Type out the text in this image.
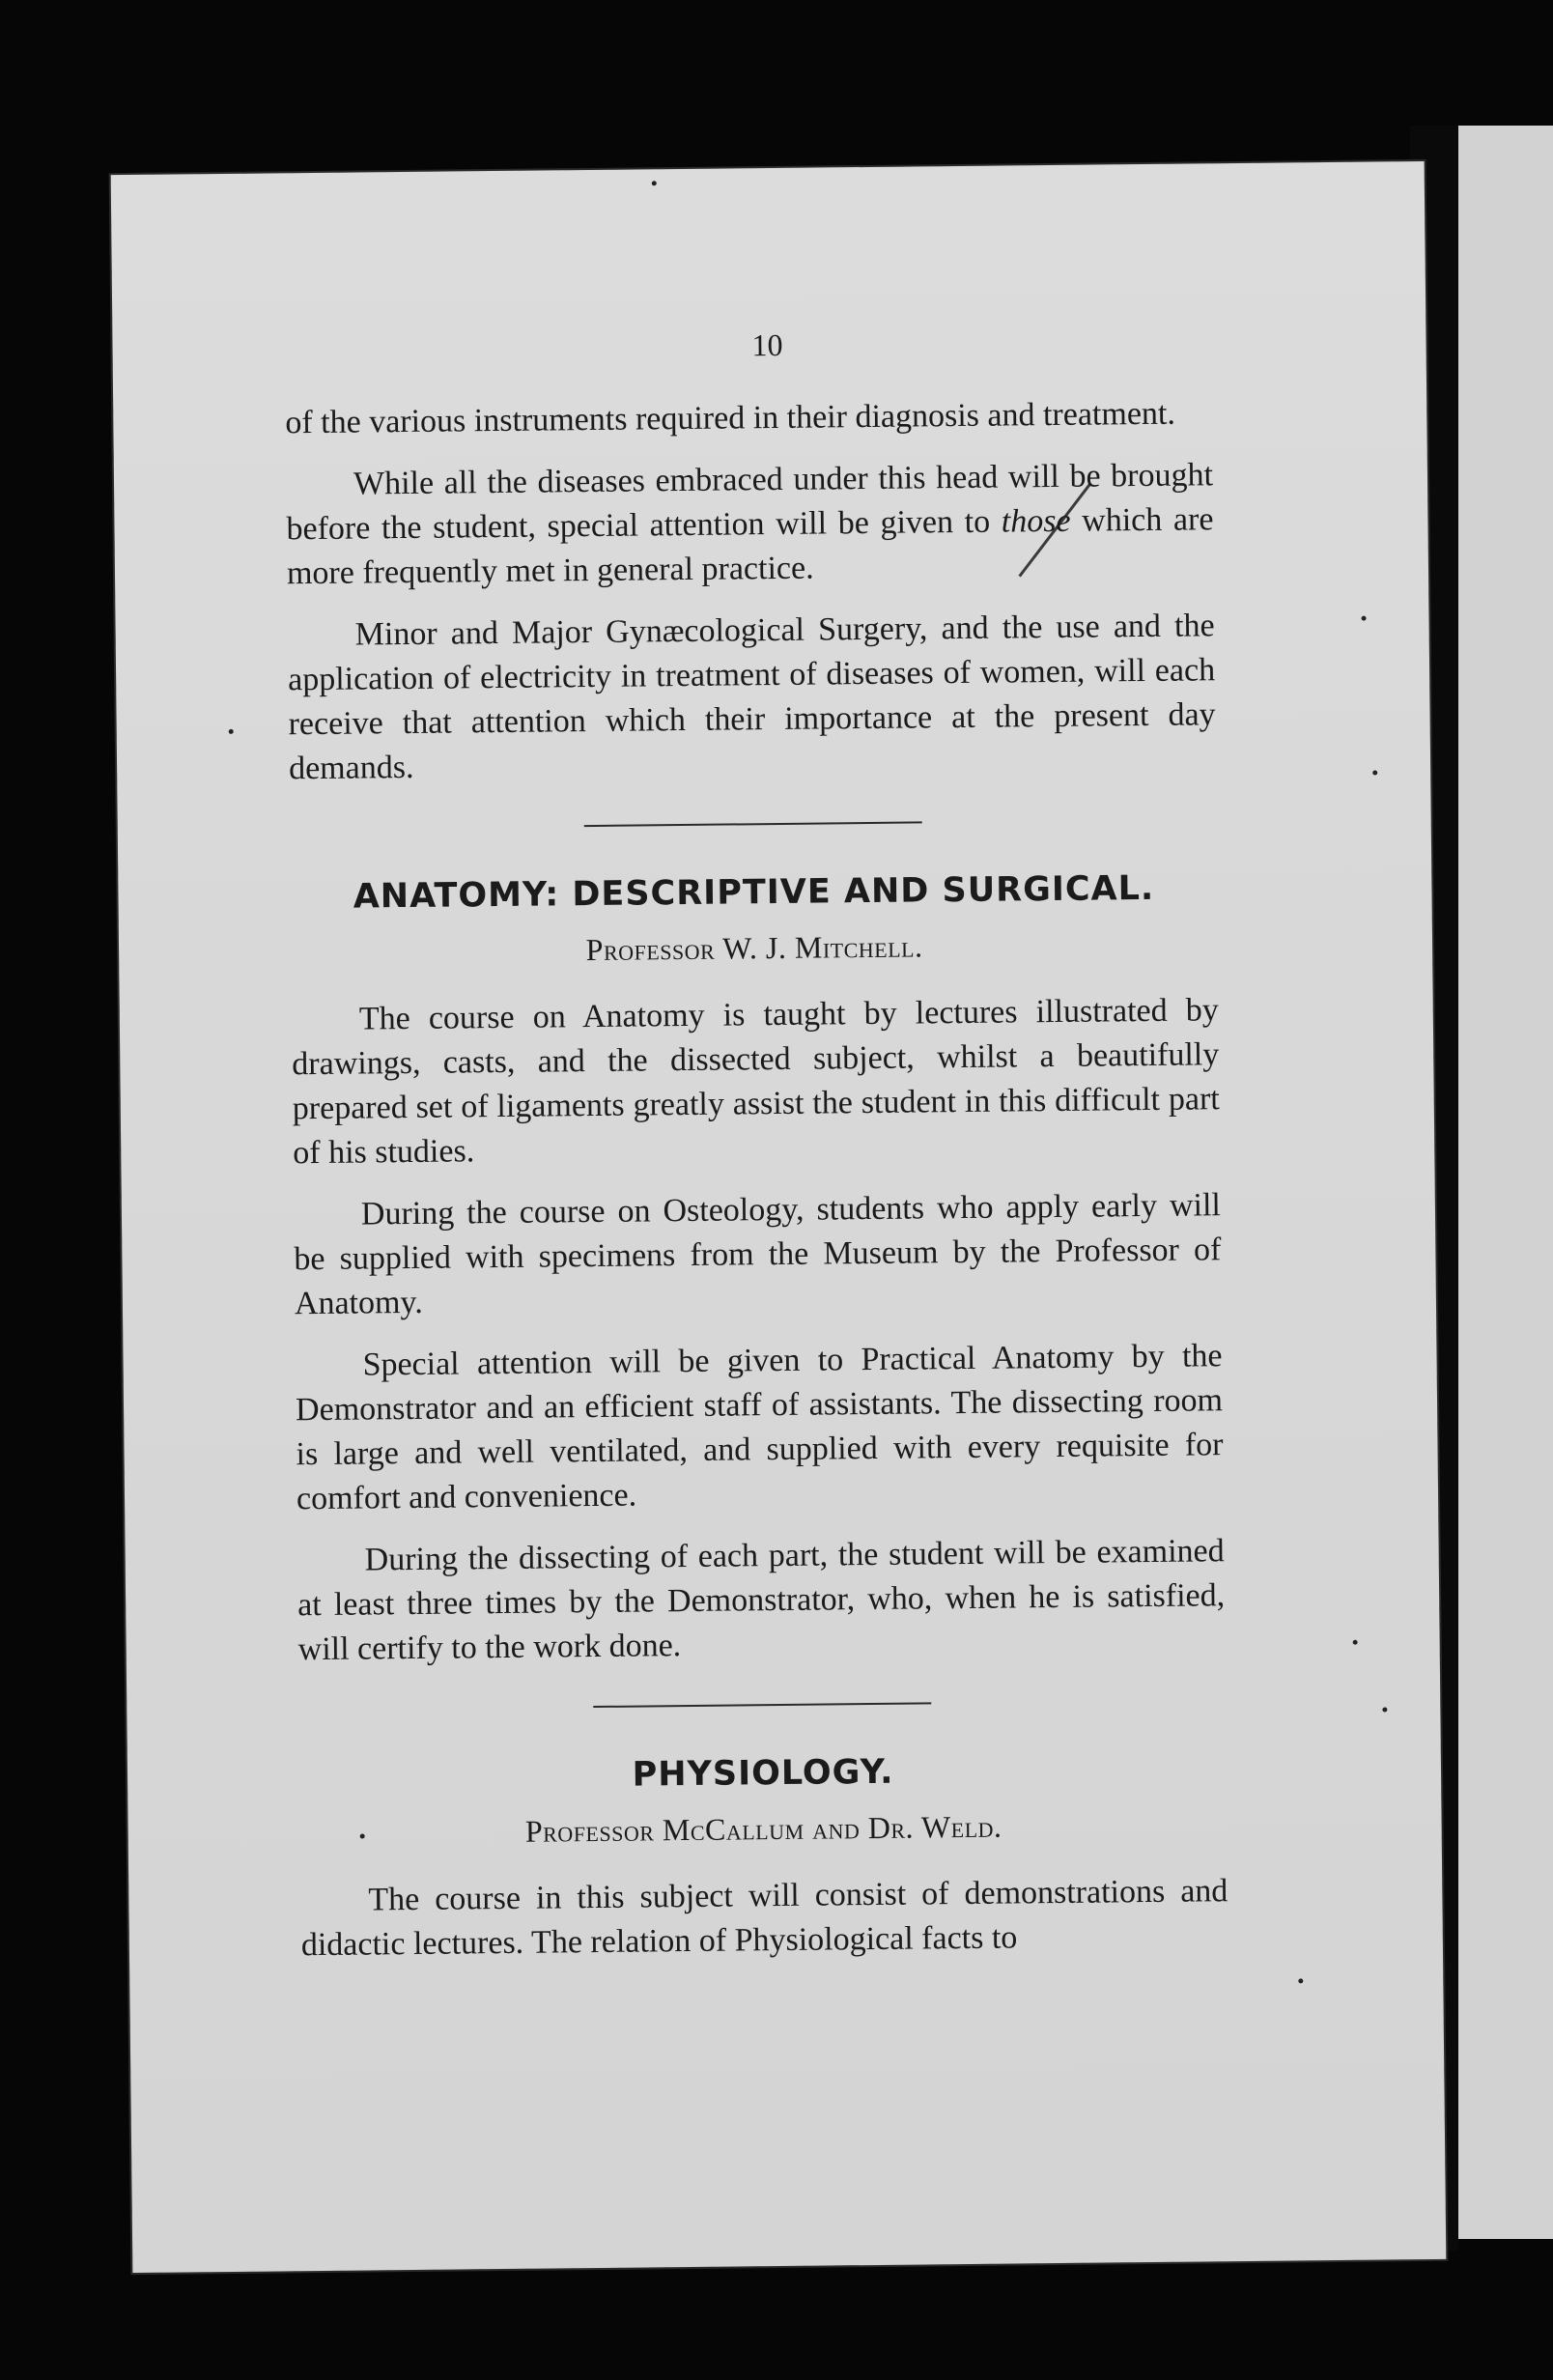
10

of the various instruments required in their diagnosis and treatment.

While all the diseases embraced under this head will be brought before the student, special attention will be given to those which are more frequently met in general practice.

Minor and Major Gynæcological Surgery, and the use and the application of electricity in treatment of diseases of women, will each receive that attention which their importance at the present day demands.

ANATOMY: DESCRIPTIVE AND SURGICAL.
Professor W. J. Mitchell.

The course on Anatomy is taught by lectures illustrated by drawings, casts, and the dissected subject, whilst a beautifully prepared set of ligaments greatly assist the student in this difficult part of his studies.

During the course on Osteology, students who apply early will be supplied with specimens from the Museum by the Professor of Anatomy.

Special attention will be given to Practical Anatomy by the Demonstrator and an efficient staff of assistants. The dissecting room is large and well ventilated, and supplied with every requisite for comfort and convenience.

During the dissecting of each part, the student will be examined at least three times by the Demonstrator, who, when he is satisfied, will certify to the work done.

PHYSIOLOGY.
Professor McCallum and Dr. Weld.

The course in this subject will consist of demonstrations and didactic lectures. The relation of Physiological facts to
